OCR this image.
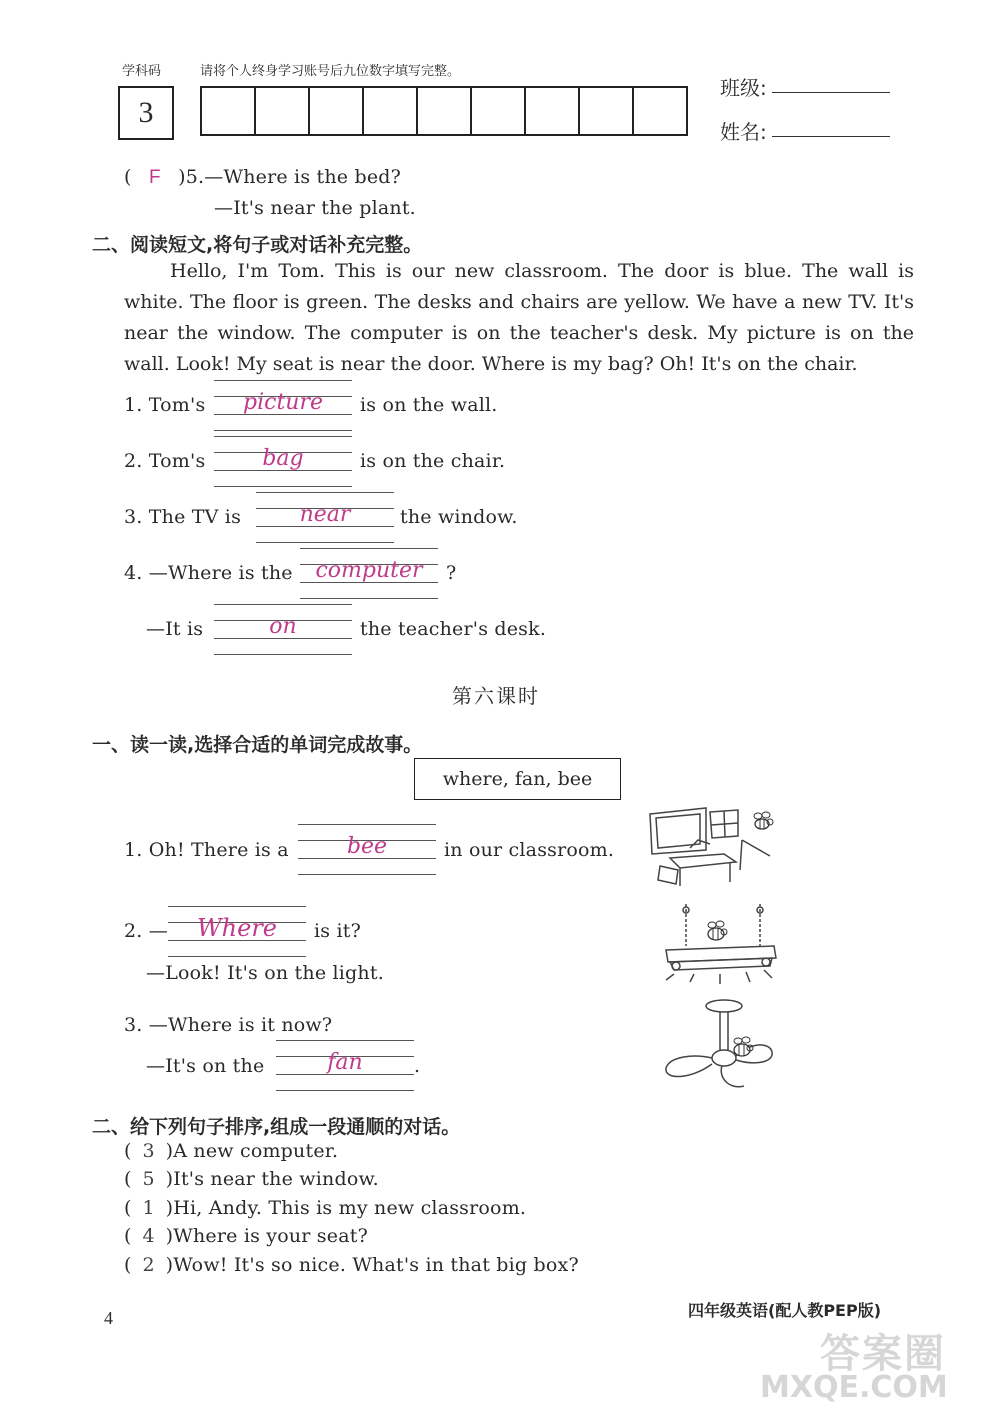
学科码	请将个人终身学习账号后九位数字填写完整。
3
班级:
姓名:
( F )5.—Where is the bed?
—It's near the plant.
二、阅读短文,将句子或对话补充完整。
Hello, I'm Tom. This is our new classroom. The door is blue. The wall is white. The floor is green. The desks and chairs are yellow. We have a new TV. It's near the window. The computer is on the teacher's desk. My picture is on the wall. Look! My seat is near the door. Where is my bag? Oh! It's on the chair.
1. Tom's	picture	is on the wall.
2. Tom's	bag	is on the chair.
3. The TV is	near	the window.
4. —Where is the	computer	?
—It is	on	the teacher's desk.
第六课时
一、读一读,选择合适的单词完成故事。
where, fan, bee
1. Oh! There is a	bee	in our classroom.
2. —	Where	is it?
—Look! It's on the light.
3. —Where is it now?
—It's on the	fan	.
二、给下列句子排序,组成一段通顺的对话。
( 3 )A new computer.
( 5 )It's near the window.
( 1 )Hi, Andy. This is my new classroom.
( 4 )Where is your seat?
( 2 )Wow! It's so nice. What's in that big box?
4	四年级英语(配人教PEP版)
答案圈
MXQE.COM
